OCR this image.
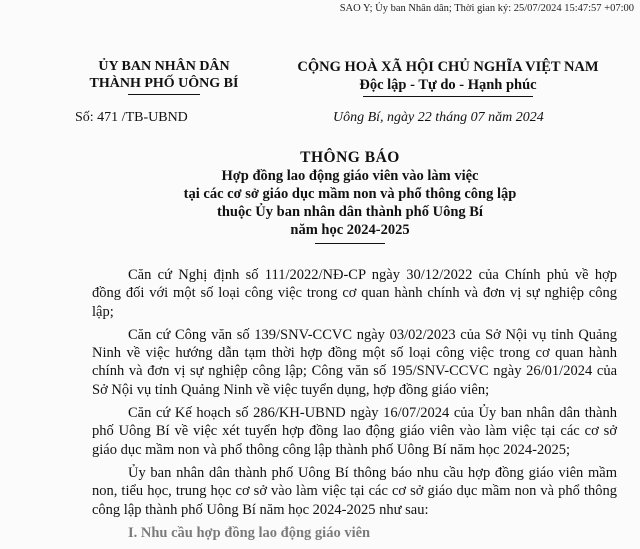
SAO Y; Ủy ban Nhân dân; Thời gian ký: 25/07/2024 15:47:57 +07:00
ỦY BAN NHÂN DÂN
THÀNH PHỐ UÔNG BÍ
CỘNG HOÀ XÃ HỘI CHỦ NGHĨA VIỆT NAM
Độc lập - Tự do - Hạnh phúc
Số: 471 /TB-UBND	Uông Bí, ngày 22 tháng 07 năm 2024
THÔNG BÁO
Hợp đồng lao động giáo viên vào làm việc
tại các cơ sở giáo dục mầm non và phổ thông công lập
thuộc Ủy ban nhân dân thành phố Uông Bí
năm học 2024-2025

Căn cứ Nghị định số 111/2022/NĐ-CP ngày 30/12/2022 của Chính phủ về hợp đồng đối với một số loại công việc trong cơ quan hành chính và đơn vị sự nghiệp công lập;

Căn cứ Công văn số 139/SNV-CCVC ngày 03/02/2023 của Sở Nội vụ tỉnh Quảng Ninh về việc hướng dẫn tạm thời hợp đồng một số loại công việc trong cơ quan hành chính và đơn vị sự nghiệp công lập; Công văn số 195/SNV-CCVC ngày 26/01/2024 của Sở Nội vụ tỉnh Quảng Ninh về việc tuyển dụng, hợp đồng giáo viên;

Căn cứ Kế hoạch số 286/KH-UBND ngày 16/07/2024 của Ủy ban nhân dân thành phố Uông Bí về việc xét tuyển hợp đồng lao động giáo viên vào làm việc tại các cơ sở giáo dục mầm non và phổ thông công lập thành phố Uông Bí năm học 2024-2025;

Ủy ban nhân dân thành phố Uông Bí thông báo nhu cầu hợp đồng giáo viên mầm non, tiểu học, trung học cơ sở vào làm việc tại các cơ sở giáo dục mầm non và phổ thông công lập thành phố Uông Bí năm học 2024-2025 như sau:

I. Nhu cầu hợp đồng lao động giáo viên
